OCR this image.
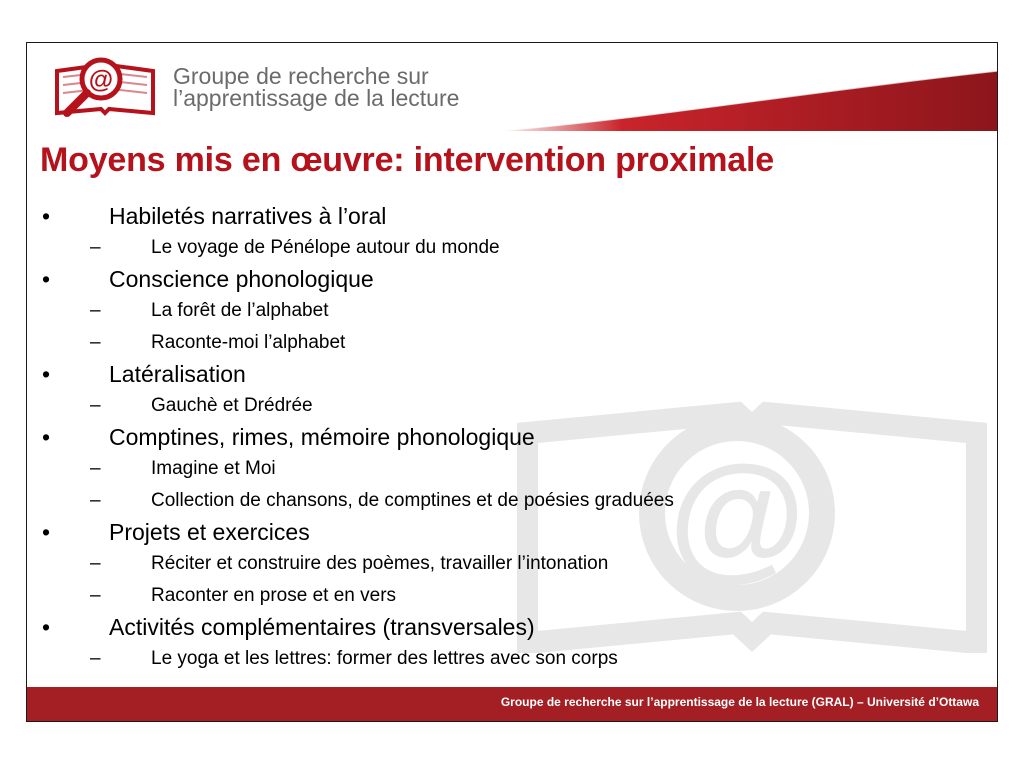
@	Groupe de recherche sur
l’apprentissage de la lecture
Moyens mis en œuvre: intervention proximale
@
•	Habiletés narratives à l’oral
–	Le voyage de Pénélope autour du monde
•	Conscience phonologique
–	La forêt de l’alphabet
–	Raconte-moi l’alphabet
•	Latéralisation
–	Gauchè et Drédrée
•	Comptines, rimes, mémoire phonologique
–	Imagine et Moi
–	Collection de chansons, de comptines et de poésies graduées
•	Projets et exercices
–	Réciter et construire des poèmes, travailler l’intonation
–	Raconter en prose et en vers
•	Activités complémentaires (transversales)
–	Le yoga et les lettres: former des lettres avec son corps
Groupe de recherche sur l’apprentissage de la lecture (GRAL) – Université d’Ottawa
